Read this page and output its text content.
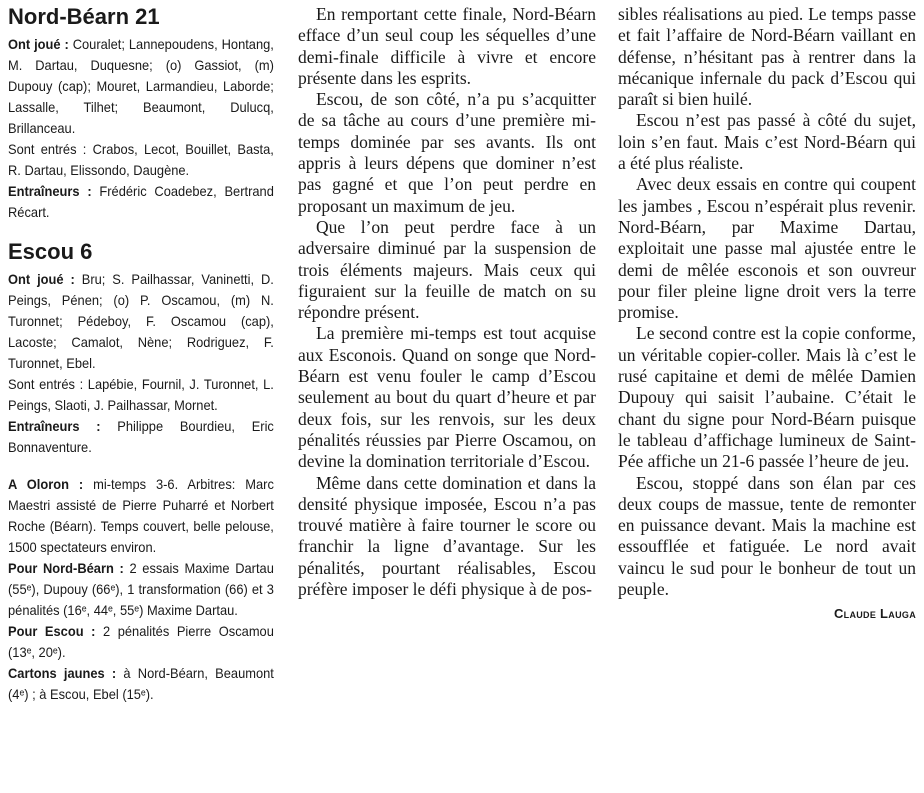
Nord-Béarn 21
Ont joué : Couralet; Lannepoudens, Hontang, M. Dartau, Duquesne; (o) Gassiot, (m) Dupouy (cap); Mouret, Larmandieu, Laborde; Lassalle, Tilhet; Beaumont, Dulucq, Brillanceau.
Sont entrés : Crabos, Lecot, Bouillet, Basta, R. Dartau, Elissondo, Daugène.
Entraîneurs : Frédéric Coadebez, Bertrand Récart.
Escou 6
Ont joué : Bru; S. Pailhassar, Vaninetti, D. Peings, Pénen; (o) P. Oscamou, (m) N. Turonnet; Pédeboy, F. Oscamou (cap), Lacoste; Camalot, Nène; Rodriguez, F. Turonnet, Ebel.
Sont entrés : Lapébie, Fournil, J. Turonnet, L. Peings, Slaoti, J. Pailhassar, Mornet.
Entraîneurs : Philippe Bourdieu, Eric Bonnaventure.
A Oloron : mi-temps 3-6. Arbitres: Marc Maestri assisté de Pierre Puharré et Norbert Roche (Béarn). Temps couvert, belle pelouse, 1500 spectateurs environ.
Pour Nord-Béarn : 2 essais Maxime Dartau (55ᵉ), Dupouy (66ᵉ), 1 transformation (66) et 3 pénalités (16ᵉ, 44ᵉ, 55ᵉ) Maxime Dartau.
Pour Escou : 2 pénalités Pierre Oscamou (13ᵉ, 20ᵉ).
Cartons jaunes : à Nord-Béarn, Beaumont (4ᵉ) ; à Escou, Ebel (15ᵉ).

En remportant cette finale, Nord-Béarn efface d’un seul coup les séquelles d’une demi-finale difficile à vivre et encore présente dans les esprits.

Escou, de son côté, n’a pu s’acquitter de sa tâche au cours d’une première mi-temps dominée par ses avants. Ils ont appris à leurs dépens que dominer n’est pas gagné et que l’on peut perdre en proposant un maximum de jeu.

Que l’on peut perdre face à un adversaire diminué par la suspension de trois éléments majeurs. Mais ceux qui figuraient sur la feuille de match on su répondre présent.

La première mi-temps est tout acquise aux Esconois. Quand on songe que Nord-Béarn est venu fouler le camp d’Escou seulement au bout du quart d’heure et par deux fois, sur les renvois, sur les deux pénalités réussies par Pierre Oscamou, on devine la domination territoriale d’Escou.

Même dans cette domination et dans la densité physique imposée, Escou n’a pas trouvé matière à faire tourner le score ou franchir la ligne d’avantage. Sur les pénalités, pourtant réalisables, Escou préfère imposer le défi physique à de pos-

sibles réalisations au pied. Le temps passe et fait l’affaire de Nord-Béarn vaillant en défense, n’hésitant pas à rentrer dans la mécanique infernale du pack d’Escou qui paraît si bien huilé.

Escou n’est pas passé à côté du sujet, loin s’en faut. Mais c’est Nord-Béarn qui a été plus réaliste.

Avec deux essais en contre qui coupent les jambes , Escou n’espérait plus revenir. Nord-Béarn, par Maxime Dartau, exploitait une passe mal ajustée entre le demi de mêlée esconois et son ouvreur pour filer pleine ligne droit vers la terre promise.

Le second contre est la copie conforme, un véritable copier-coller. Mais là c’est le rusé capitaine et demi de mêlée Damien Dupouy qui saisit l’aubaine. C’était le chant du signe pour Nord-Béarn puisque le tableau d’affichage lumineux de Saint-Pée affiche un 21-6 passée l’heure de jeu.

Escou, stoppé dans son élan par ces deux coups de massue, tente de remonter en puissance devant. Mais la machine est essoufflée et fatiguée. Le nord avait vaincu le sud pour le bonheur de tout un peuple.

Claude Lauga
